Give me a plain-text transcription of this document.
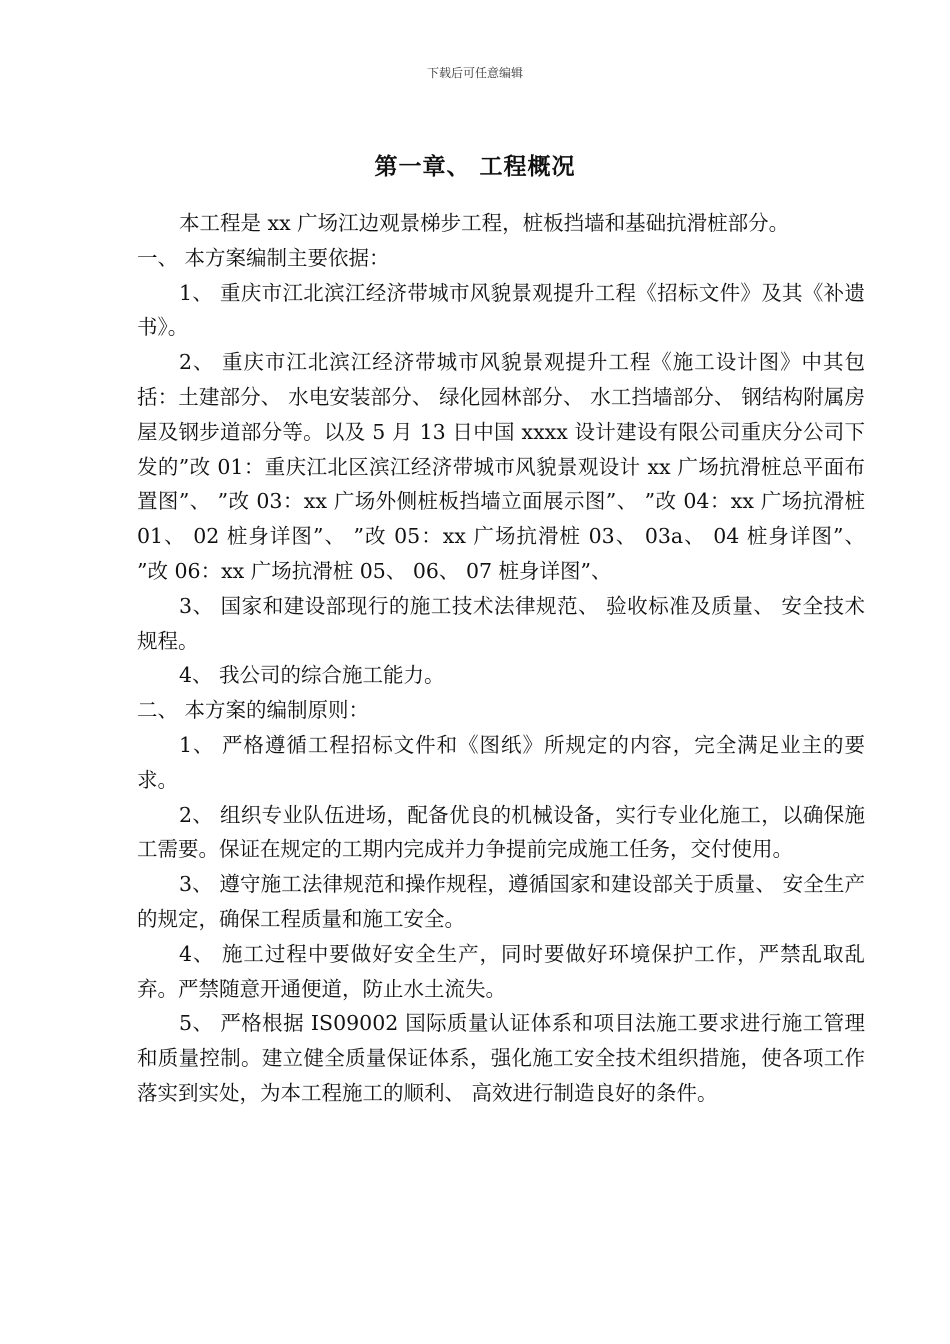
下载后可任意编辑
第一章、 工程概况

本工程是 xx 广场江边观景梯步工程，桩板挡墙和基础抗滑桩部分。

一、 本方案编制主要依据：

1、 重庆市江北滨江经济带城市风貌景观提升工程《招标文件》及其《补遗书》。

2、 重庆市江北滨江经济带城市风貌景观提升工程《施工设计图》中其包括：土建部分、 水电安装部分、 绿化园林部分、 水工挡墙部分、 钢结构附属房屋及钢步道部分等。以及 5 月 13 日中国 xxxx 设计建设有限公司重庆分公司下发的”改 01：重庆江北区滨江经济带城市风貌景观设计 xx 广场抗滑桩总平面布置图”、 ”改 03：xx 广场外侧桩板挡墙立面展示图”、 ”改 04：xx 广场抗滑桩 01、 02 桩身详图”、 ”改 05：xx 广场抗滑桩 03、 03a、 04 桩身详图”、 ”改 06：xx 广场抗滑桩 05、 06、 07 桩身详图”、

3、 国家和建设部现行的施工技术法律规范、 验收标准及质量、 安全技术规程。

4、 我公司的综合施工能力。

二、 本方案的编制原则：

1、 严格遵循工程招标文件和《图纸》所规定的内容，完全满足业主的要求。

2、 组织专业队伍进场，配备优良的机械设备，实行专业化施工，以确保施工需要。保证在规定的工期内完成并力争提前完成施工任务，交付使用。

3、 遵守施工法律规范和操作规程，遵循国家和建设部关于质量、 安全生产的规定，确保工程质量和施工安全。

4、 施工过程中要做好安全生产，同时要做好环境保护工作，严禁乱取乱弃。严禁随意开通便道，防止水土流失。

5、 严格根据 IS09002 国际质量认证体系和项目法施工要求进行施工管理和质量控制。建立健全质量保证体系，强化施工安全技术组织措施，使各项工作落实到实处，为本工程施工的顺利、 高效进行制造良好的条件。
